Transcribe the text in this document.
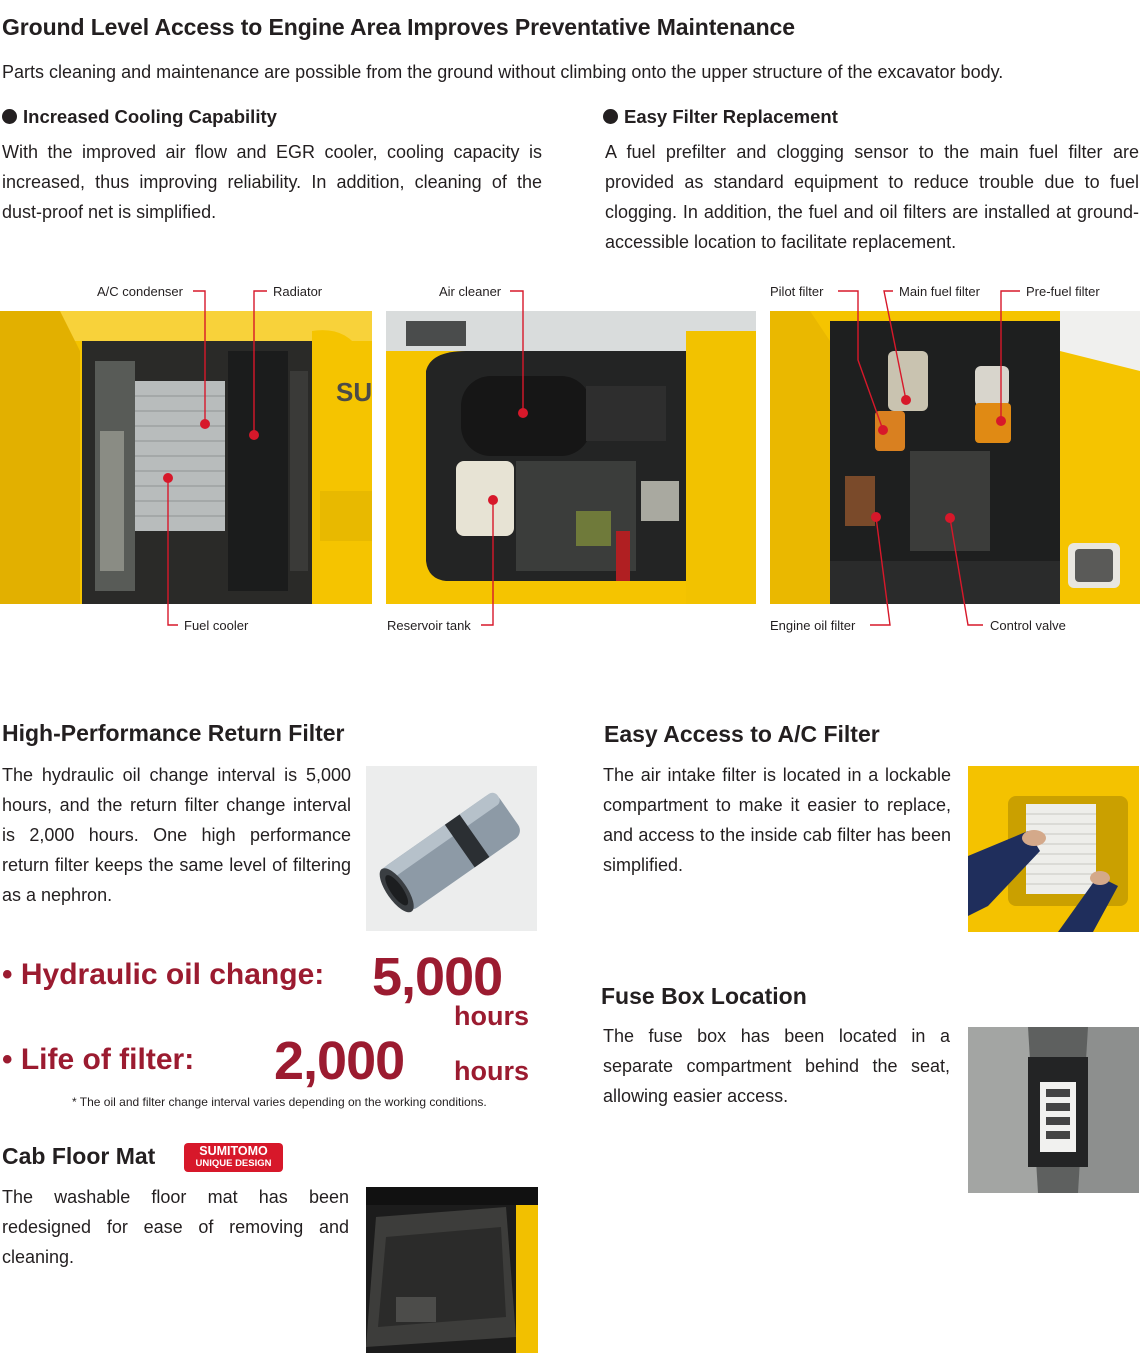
Ground Level Access to Engine Area Improves Preventative Maintenance
Parts cleaning and maintenance are possible from the ground without climbing onto the upper structure of the excavator body.
Increased Cooling Capability
With the improved air flow and EGR cooler, cooling capacity is increased, thus improving reliability. In addition, cleaning of the dust-proof net is simplified.
Easy Filter Replacement
A fuel prefilter and clogging sensor to the main fuel filter are provided as standard equipment to reduce trouble due to fuel clogging. In addition, the fuel and oil filters are installed at ground-accessible location to facilitate replacement.
SU
A/C condenser	Radiator
Fuel cooler
Air cleaner
Reservoir tank
Pilot filter	Main fuel filter	Pre-fuel filter
Engine oil filter	Control valve
High-Performance Return Filter
The hydraulic oil change interval is 5,000 hours, and the return filter change interval is 2,000 hours. One high performance return filter keeps the same level of filtering as a nephron.
• Hydraulic oil change: 5,000
hours
• Life of filter: 2,000 hours
* The oil and filter change interval varies depending on the working conditions.
Cab Floor Mat	SUMITOMO
UNIQUE DESIGN
The washable floor mat has been redesigned for ease of removing and cleaning.
Easy Access to A/C Filter
The air intake filter is located in a lockable compartment to make it easier to replace, and access to the inside cab filter has been simplified.
Fuse Box Location
The fuse box has been located in a separate compartment behind the seat, allowing easier access.
